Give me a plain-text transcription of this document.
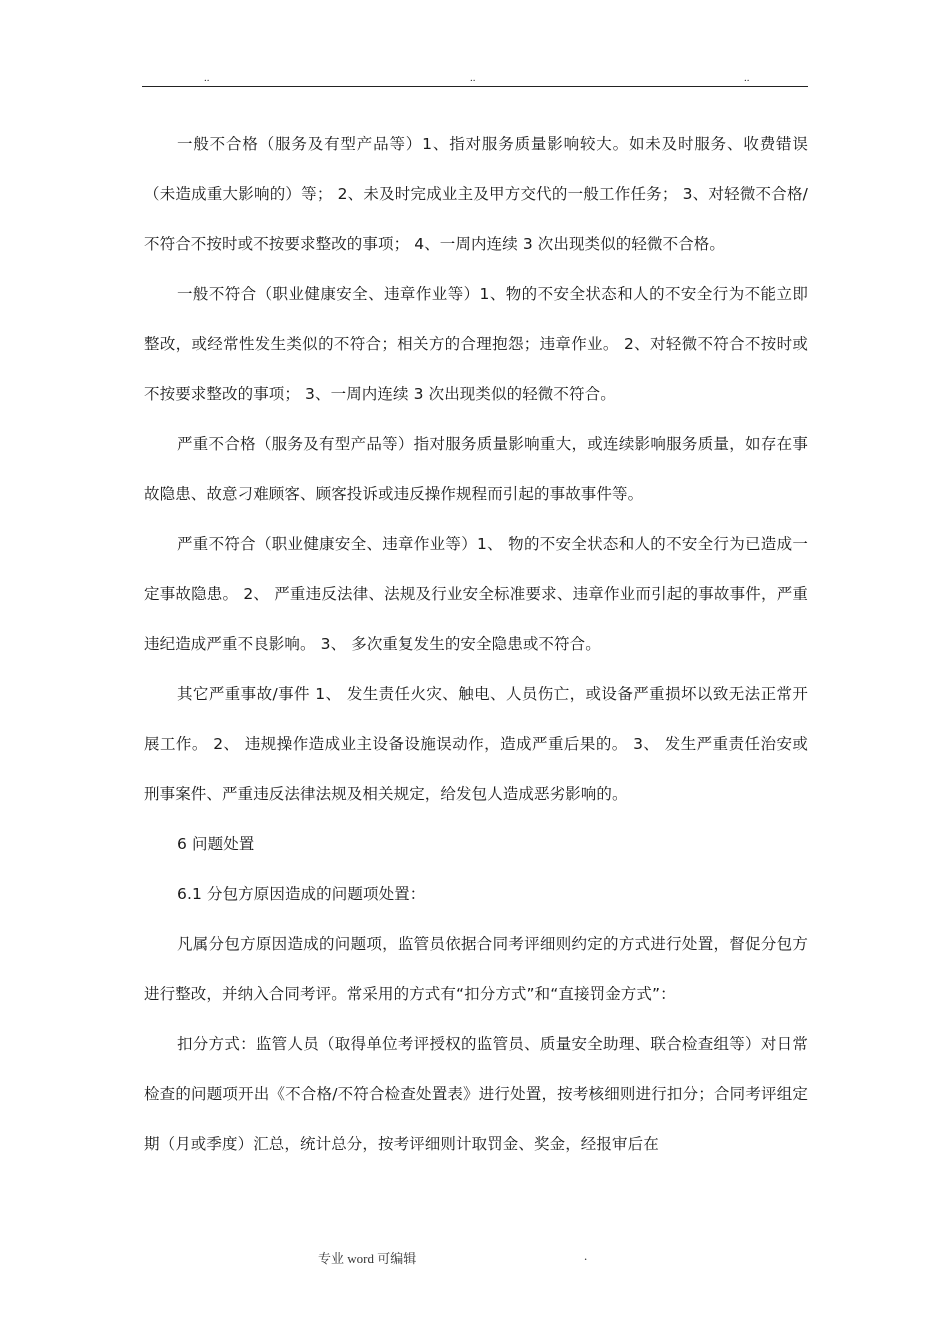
..	..	..

一般不合格（服务及有型产品等）1、指对服务质量影响较大。如未及时服务、收费错误（未造成重大影响的）等； 2、未及时完成业主及甲方交代的一般工作任务； 3、对轻微不合格/不符合不按时或不按要求整改的事项； 4、一周内连续 3 次出现类似的轻微不合格。

一般不符合（职业健康安全、违章作业等）1、物的不安全状态和人的不安全行为不能立即整改，或经常性发生类似的不符合；相关方的合理抱怨；违章作业。 2、对轻微不符合不按时或不按要求整改的事项； 3、一周内连续 3 次出现类似的轻微不符合。

严重不合格（服务及有型产品等）指对服务质量影响重大，或连续影响服务质量，如存在事故隐患、故意刁难顾客、顾客投诉或违反操作规程而引起的事故事件等。

严重不符合（职业健康安全、违章作业等）1、 物的不安全状态和人的不安全行为已造成一定事故隐患。 2、 严重违反法律、法规及行业安全标准要求、违章作业而引起的事故事件，严重违纪造成严重不良影响。 3、 多次重复发生的安全隐患或不符合。

其它严重事故/事件 1、 发生责任火灾、触电、人员伤亡，或设备严重损坏以致无法正常开展工作。 2、 违规操作造成业主设备设施误动作，造成严重后果的。 3、 发生严重责任治安或刑事案件、严重违反法律法规及相关规定，给发包人造成恶劣影响的。

6 问题处置

6.1 分包方原因造成的问题项处置：

凡属分包方原因造成的问题项，监管员依据合同考评细则约定的方式进行处置，督促分包方进行整改，并纳入合同考评。常采用的方式有“扣分方式”和“直接罚金方式”：

扣分方式：监管人员（取得单位考评授权的监管员、质量安全助理、联合检查组等）对日常检查的问题项开出《不合格/不符合检查处置表》进行处置，按考核细则进行扣分；合同考评组定期（月或季度）汇总，统计总分，按考评细则计取罚金、奖金，经报审后在

专业 word 可编辑	.
